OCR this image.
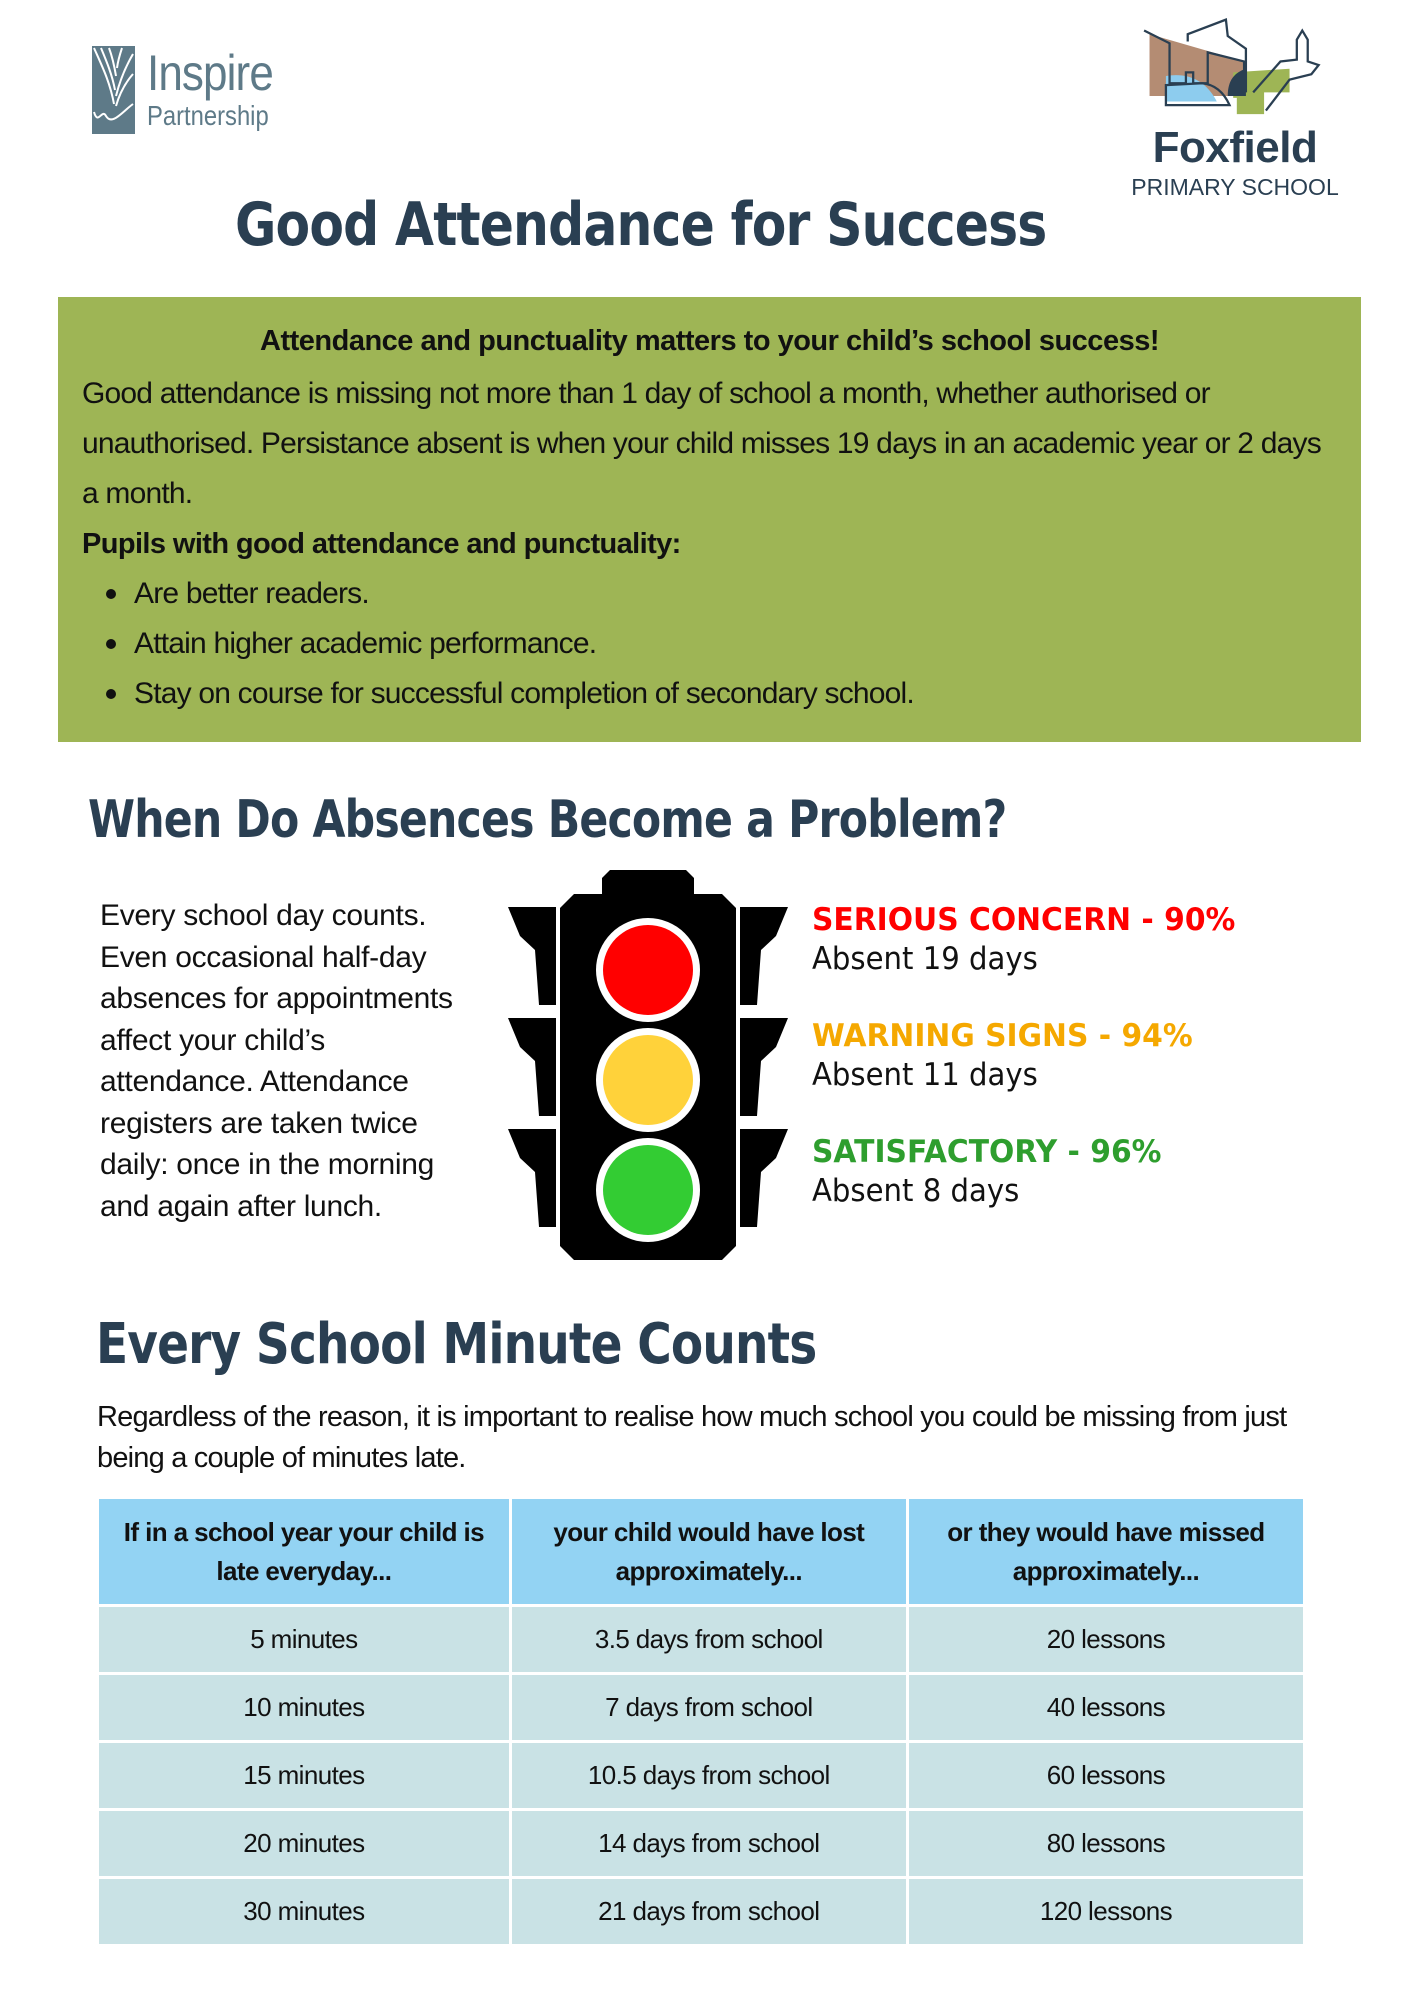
Inspire
Partnership
Foxfield
PRIMARY SCHOOL
Good Attendance for Success

Attendance and punctuality matters to your child’s school success!

Good attendance is missing not more than 1 day of school a month, whether authorised or unauthorised. Persistance absent is when your child misses 19 days in an academic year or 2 days a month.

Pupils with good attendance and punctuality:

Are better readers.
Attain higher academic performance.
Stay on course for successful completion of secondary school.
When Do Absences Become a Problem?

Every school day counts. Even occasional half-day absences for appointments affect your child’s attendance. Attendance registers are taken twice daily: once in the morning and again after lunch.

SERIOUS CONCERN - 90%
Absent 19 days
WARNING SIGNS - 94%
Absent 11 days
SATISFACTORY - 96%
Absent 8 days
Every School Minute Counts

Regardless of the reason, it is important to realise how much school you could be missing from just being a couple of minutes late.

If in a school year your child is late everyday...	your child would have lost approximately...	or they would have missed approximately...
5 minutes	3.5 days from school	20 lessons
10 minutes	7 days from school	40 lessons
15 minutes	10.5 days from school	60 lessons
20 minutes	14 days from school	80 lessons
30 minutes	21 days from school	120 lessons
